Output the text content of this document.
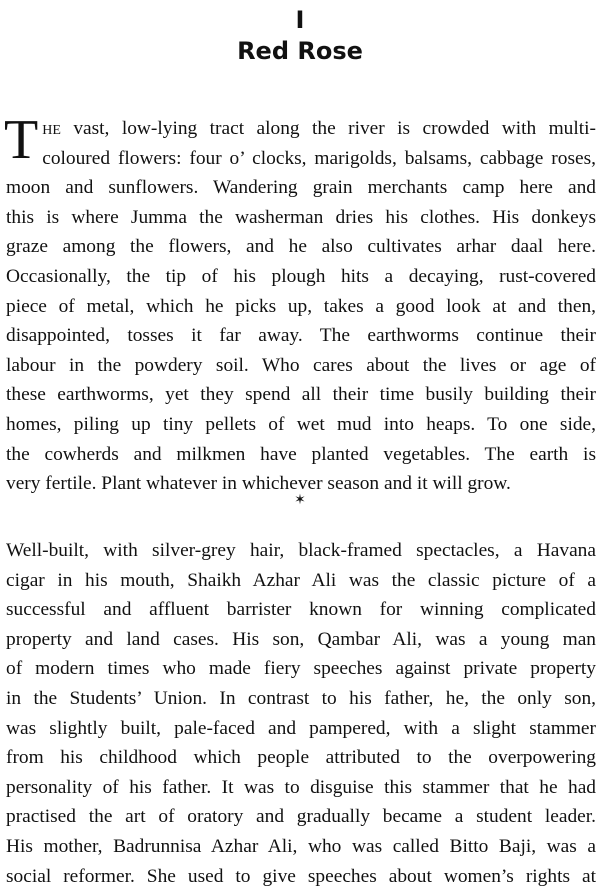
I
Red Rose
T he vast, low-lying tract along the river is crowded with multi-
coloured flowers: four o’ clocks, marigolds, balsams, cabbage roses,
moon and sunflowers. Wandering grain merchants camp here and
this is where Jumma the washerman dries his clothes. His donkeys
graze among the flowers, and he also cultivates arhar daal here.
Occasionally, the tip of his plough hits a decaying, rust-covered
piece of metal, which he picks up, takes a good look at and then,
disappointed, tosses it far away. The earthworms continue their
labour in the powdery soil. Who cares about the lives or age of
these earthworms, yet they spend all their time busily building their
homes, piling up tiny pellets of wet mud into heaps. To one side,
the cowherds and milkmen have planted vegetables. The earth is
very fertile. Plant whatever in whichever season and it will grow.
✶
Well-built, with silver-grey hair, black-framed spectacles, a Havana
cigar in his mouth, Shaikh Azhar Ali was the classic picture of a
successful and affluent barrister known for winning complicated
property and land cases. His son, Qambar Ali, was a young man
of modern times who made fiery speeches against private property
in the Students’ Union. In contrast to his father, he, the only son,
was slightly built, pale-faced and pampered, with a slight stammer
from his childhood which people attributed to the overpowering
personality of his father. It was to disguise this stammer that he had
practised the art of oratory and gradually became a student leader.
His mother, Badrunnisa Azhar Ali, who was called Bitto Baji, was a
social reformer. She used to give speeches about women’s rights at
